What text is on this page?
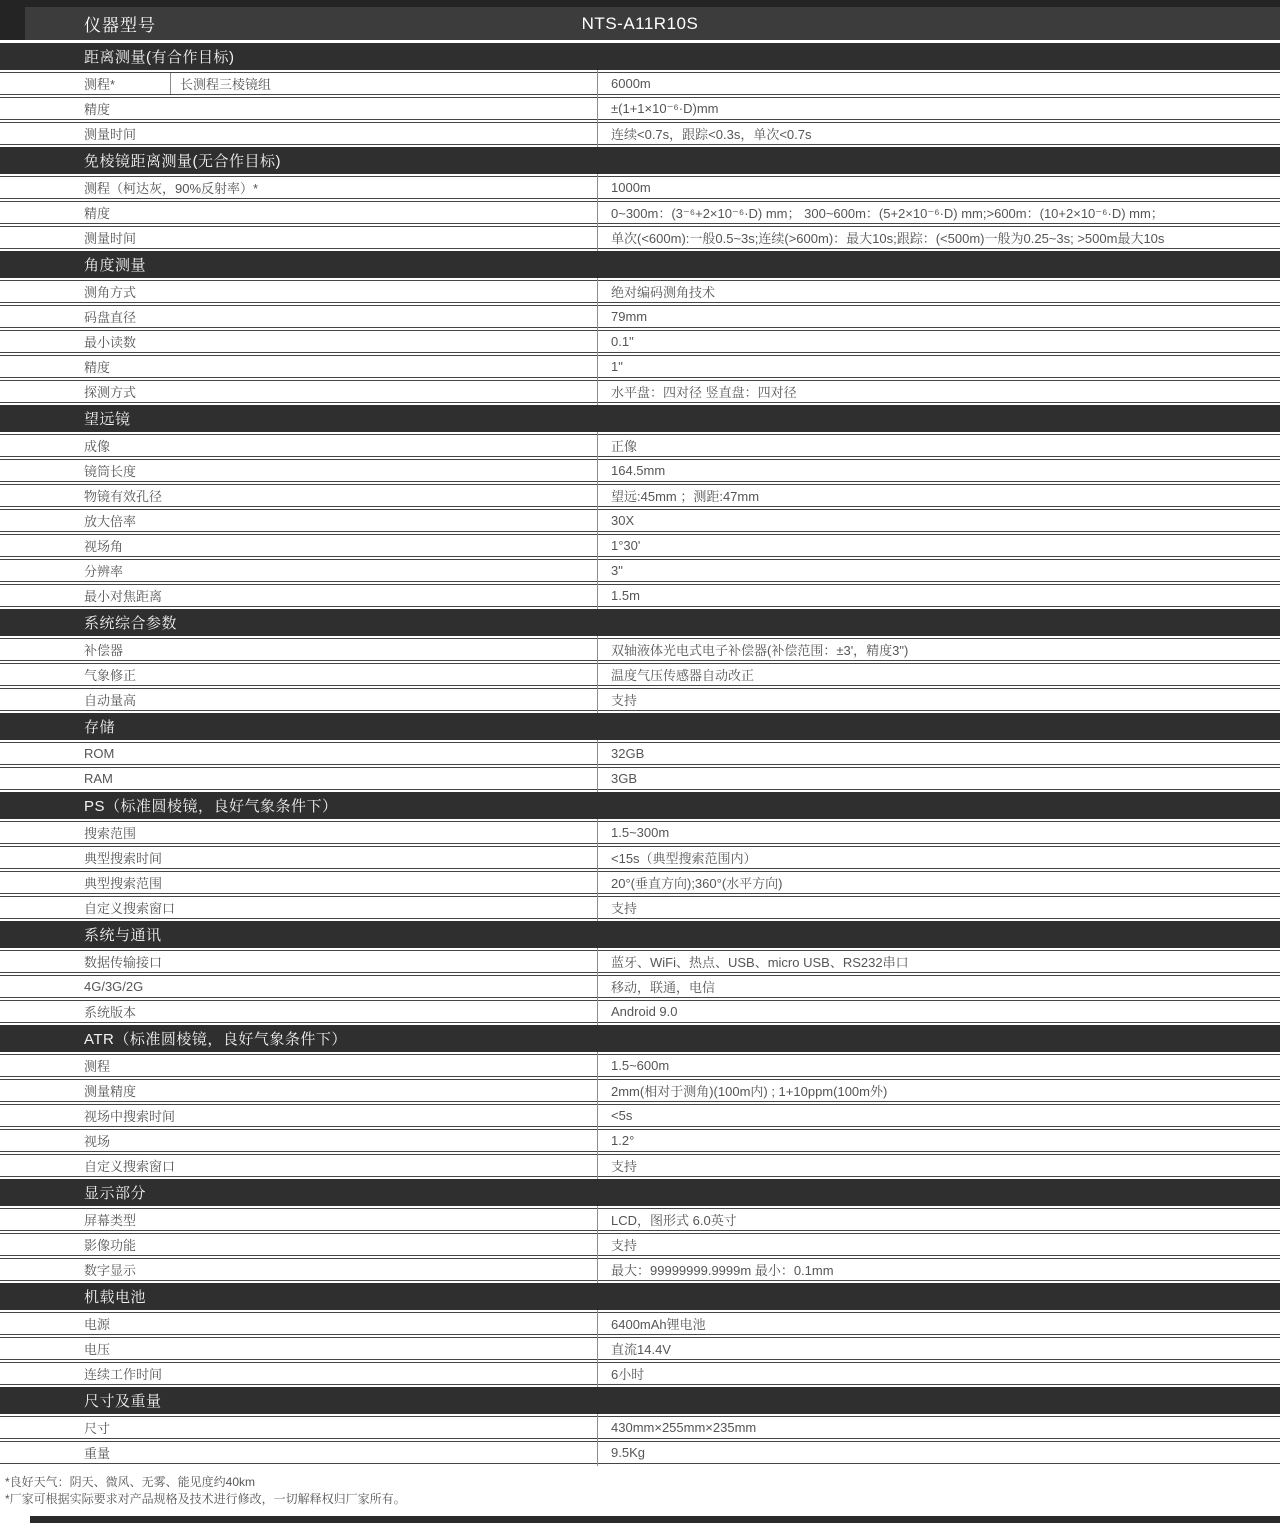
仪器型号	NTS-A11R10S
距离测量(有合作目标)
测程*	长测程三棱镜组	6000m
精度	±(1+1×10⁻⁶·D)mm
测量时间	连续<0.7s，跟踪<0.3s，单次<0.7s
免棱镜距离测量(无合作目标)
测程（柯达灰，90%反射率）*	1000m
精度	0~300m：(3⁻⁶+2×10⁻⁶·D) mm； 300~600m：(5+2×10⁻⁶·D) mm;>600m：(10+2×10⁻⁶·D) mm；
测量时间	单次(<600m):一般0.5~3s;连续(>600m)：最大10s;跟踪：(<500m)一般为0.25~3s; >500m最大10s
角度测量
测角方式	绝对编码测角技术
码盘直径	79mm
最小读数	0.1"
精度	1"
探测方式	水平盘：四对径 竖直盘：四对径
望远镜
成像	正像
镜筒长度	164.5mm
物镜有效孔径	望远:45mm ；测距:47mm
放大倍率	30X
视场角	1°30'
分辨率	3"
最小对焦距离	1.5m
系统综合参数
补偿器	双轴液体光电式电子补偿器(补偿范围：±3'，精度3")
气象修正	温度气压传感器自动改正
自动量高	支持
存储
ROM	32GB
RAM	3GB
PS（标准圆棱镜，良好气象条件下）
搜索范围	1.5~300m
典型搜索时间	<15s（典型搜索范围内）
典型搜索范围	20°(垂直方向);360°(水平方向)
自定义搜索窗口	支持
系统与通讯
数据传输接口	蓝牙、WiFi、热点、USB、micro USB、RS232串口
4G/3G/2G	移动，联通，电信
系统版本	Android 9.0
ATR（标准圆棱镜，良好气象条件下）
测程	1.5~600m
测量精度	2mm(相对于测角)(100m内) ; 1+10ppm(100m外)
视场中搜索时间	<5s
视场	1.2°
自定义搜索窗口	支持
显示部分
屏幕类型	LCD，图形式 6.0英寸
影像功能	支持
数字显示	最大：99999999.9999m 最小：0.1mm
机载电池
电源	6400mAh锂电池
电压	直流14.4V
连续工作时间	6小时
尺寸及重量
尺寸	430mm×255mm×235mm
重量	9.5Kg
*良好天气：阴天、微风、无雾、能见度约40km
*厂家可根据实际要求对产品规格及技术进行修改，一切解释权归厂家所有。
